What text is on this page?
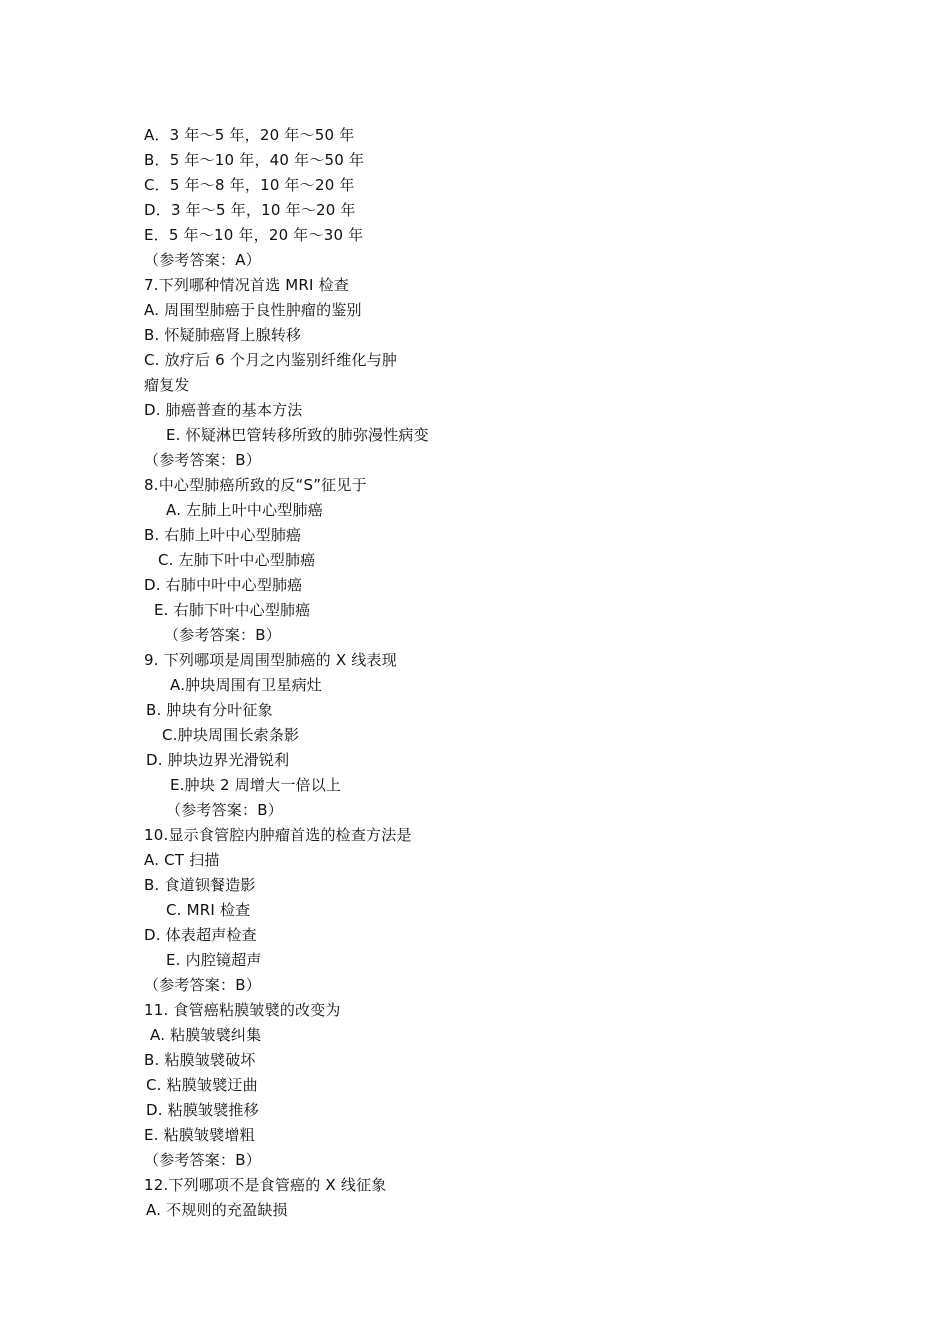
A．3 年～5 年，20 年～50 年
B．5 年～10 年，40 年～50 年
C．5 年～8 年，10 年～20 年
D．3 年～5 年，10 年～20 年
E．5 年～10 年，20 年～30 年
（参考答案：A）
7.下列哪种情况首选 MRI 检查
A. 周围型肺癌于良性肿瘤的鉴别
B. 怀疑肺癌肾上腺转移
C. 放疗后 6 个月之内鉴别纤维化与肿
瘤复发
D. 肺癌普查的基本方法
E. 怀疑淋巴管转移所致的肺弥漫性病变
（参考答案：B）
8.中心型肺癌所致的反“S”征见于
A. 左肺上叶中心型肺癌
B. 右肺上叶中心型肺癌
C. 左肺下叶中心型肺癌
D. 右肺中叶中心型肺癌
E. 右肺下叶中心型肺癌
（参考答案：B）
9. 下列哪项是周围型肺癌的 X 线表现
A.肿块周围有卫星病灶
B. 肿块有分叶征象
C.肿块周围长索条影
D. 肿块边界光滑锐利
E.肿块 2 周增大一倍以上
（参考答案：B）
10.显示食管腔内肿瘤首选的检查方法是
A. CT 扫描
B. 食道钡餐造影
C. MRI 检查
D. 体表超声检查
E. 内腔镜超声
（参考答案：B）
11. 食管癌粘膜皱襞的改变为
A. 粘膜皱襞纠集
B. 粘膜皱襞破坏
C. 粘膜皱襞迂曲
D. 粘膜皱襞推移
E. 粘膜皱襞增粗
（参考答案：B）
12.下列哪项不是食管癌的 X 线征象
A. 不规则的充盈缺损
